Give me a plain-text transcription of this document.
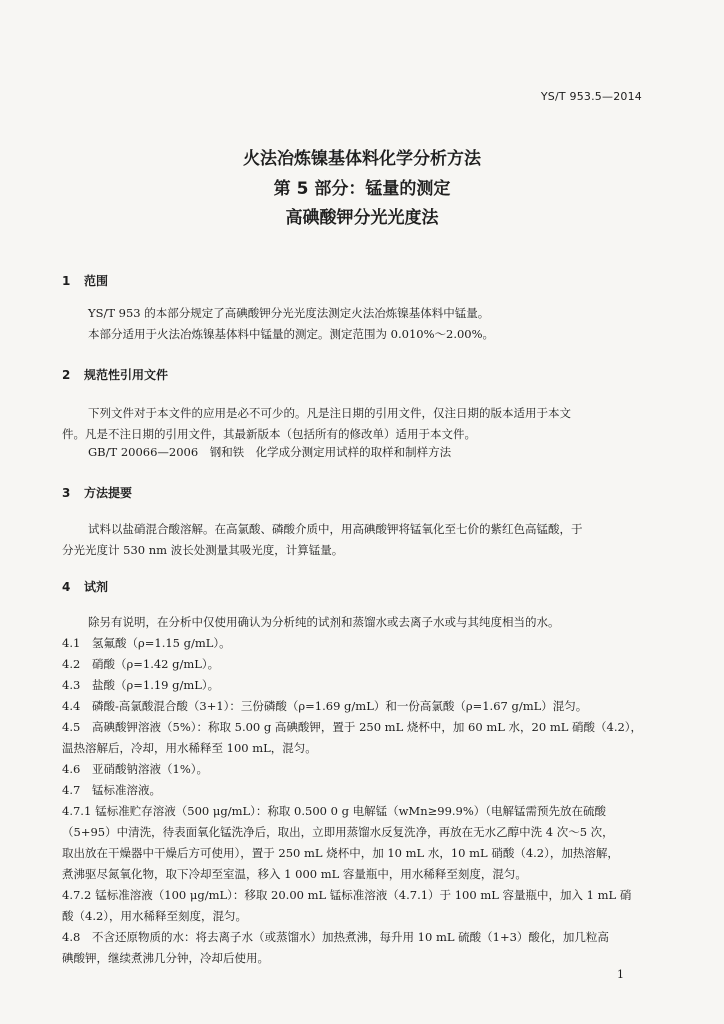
YS/T 953.5—2014
火法冶炼镍基体料化学分析方法
第 5 部分：锰量的测定
高碘酸钾分光光度法
1 范围
YS/T 953 的本部分规定了高碘酸钾分光光度法测定火法冶炼镍基体料中锰量。
本部分适用于火法冶炼镍基体料中锰量的测定。测定范围为 0.010%～2.00%。
2 规范性引用文件
下列文件对于本文件的应用是必不可少的。凡是注日期的引用文件，仅注日期的版本适用于本文
件。凡是不注日期的引用文件，其最新版本（包括所有的修改单）适用于本文件。
GB/T 20066—2006　钢和铁　化学成分测定用试样的取样和制样方法
3 方法提要
试料以盐硝混合酸溶解。在高氯酸、磷酸介质中，用高碘酸钾将锰氧化至七价的紫红色高锰酸，于
分光光度计 530 nm 波长处测量其吸光度，计算锰量。
4 试剂
除另有说明，在分析中仅使用确认为分析纯的试剂和蒸馏水或去离子水或与其纯度相当的水。
4.1 氢氟酸（ρ=1.15 g/mL）。
4.2 硝酸（ρ=1.42 g/mL）。
4.3 盐酸（ρ=1.19 g/mL）。
4.4 磷酸-高氯酸混合酸（3+1）：三份磷酸（ρ=1.69 g/mL）和一份高氯酸（ρ=1.67 g/mL）混匀。
4.5 高碘酸钾溶液（5%）：称取 5.00 g 高碘酸钾，置于 250 mL 烧杯中，加 60 mL 水，20 mL 硝酸（4.2），
温热溶解后，冷却，用水稀释至 100 mL，混匀。
4.6 亚硝酸钠溶液（1%）。
4.7 锰标准溶液。
4.7.1 锰标准贮存溶液（500 μg/mL）：称取 0.500 0 g 电解锰（wMn≥99.9%）（电解锰需预先放在硫酸
（5+95）中清洗，待表面氧化锰洗净后，取出，立即用蒸馏水反复洗净，再放在无水乙醇中洗 4 次～5 次，
取出放在干燥器中干燥后方可使用），置于 250 mL 烧杯中，加 10 mL 水，10 mL 硝酸（4.2），加热溶解，
煮沸驱尽氮氧化物，取下冷却至室温，移入 1 000 mL 容量瓶中，用水稀释至刻度，混匀。
4.7.2 锰标准溶液（100 μg/mL）：移取 20.00 mL 锰标准溶液（4.7.1）于 100 mL 容量瓶中，加入 1 mL 硝
酸（4.2），用水稀释至刻度，混匀。
4.8 不含还原物质的水：将去离子水（或蒸馏水）加热煮沸，每升用 10 mL 硫酸（1+3）酸化，加几粒高
碘酸钾，继续煮沸几分钟，冷却后使用。
1
